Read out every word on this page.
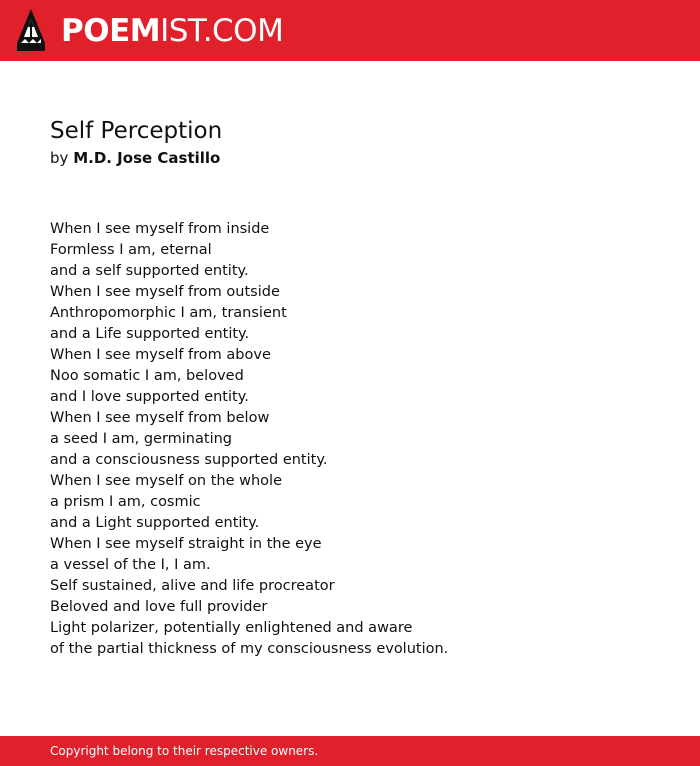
POEMIST.COM
Self Perception
by M.D. Jose Castillo
When I see myself from inside
Formless I am, eternal
and a self supported entity.
When I see myself from outside
Anthropomorphic I am, transient
and a Life supported entity.
When I see myself from above
Noo somatic I am, beloved
and I love supported entity.
When I see myself from below
a seed I am, germinating
and a consciousness supported entity.
When I see myself on the whole
a prism I am, cosmic
and a Light supported entity.
When I see myself straight in the eye
a vessel of the I, I am.
Self sustained, alive and life procreator
Beloved and love full provider
Light polarizer, potentially enlightened and aware
of the partial thickness of my consciousness evolution.
Copyright belong to their respective owners.
